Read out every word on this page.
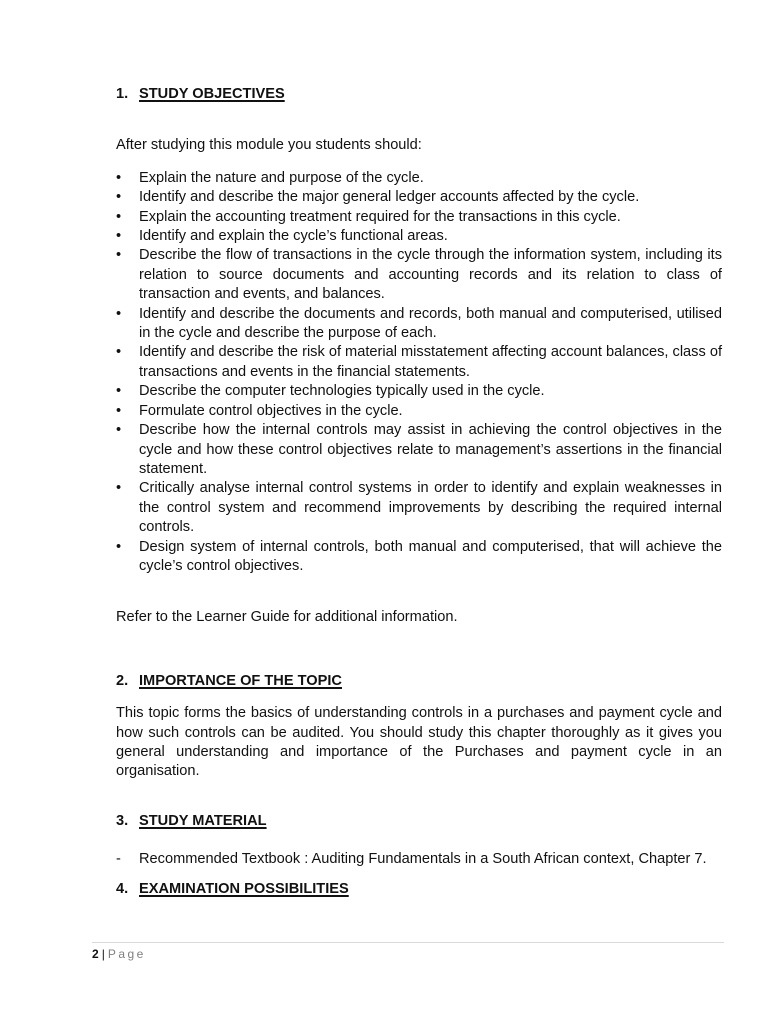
1. STUDY OBJECTIVES

After studying this module you students should:

• Explain the nature and purpose of the cycle.
• Identify and describe the major general ledger accounts affected by the cycle.
• Explain the accounting treatment required for the transactions in this cycle.
• Identify and explain the cycle’s functional areas.
• Describe the flow of transactions in the cycle through the information system, including its relation to source documents and accounting records and its relation to class of transaction and events, and balances.
• Identify and describe the documents and records, both manual and computerised, utilised in the cycle and describe the purpose of each.
• Identify and describe the risk of material misstatement affecting account balances, class of transactions and events in the financial statements.
• Describe the computer technologies typically used in the cycle.
• Formulate control objectives in the cycle.
• Describe how the internal controls may assist in achieving the control objectives in the cycle and how these control objectives relate to management’s assertions in the financial statement.
• Critically analyse internal control systems in order to identify and explain weaknesses in the control system and recommend improvements by describing the required internal controls.
• Design system of internal controls, both manual and computerised, that will achieve the cycle’s control objectives.

Refer to the Learner Guide for additional information.

2. IMPORTANCE OF THE TOPIC

This topic forms the basics of understanding controls in a purchases and payment cycle and how such controls can be audited. You should study this chapter thoroughly as it gives you general understanding and importance of the Purchases and payment cycle in an organisation.

3. STUDY MATERIAL
- Recommended Textbook : Auditing Fundamentals in a South African context, Chapter 7.
4. EXAMINATION POSSIBILITIES
2 | Page
